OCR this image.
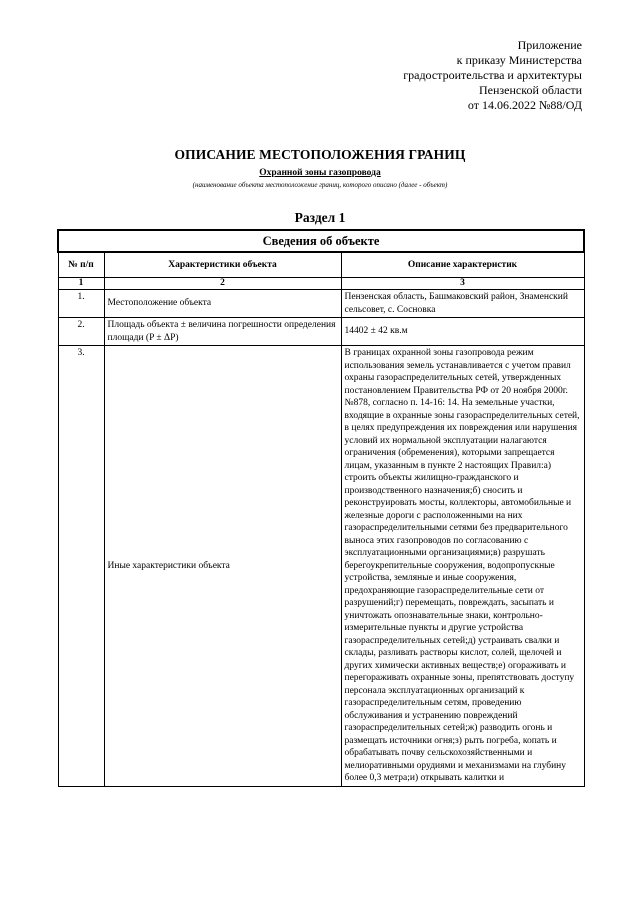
Приложение
к приказу Министерства
градостроительства и архитектуры
Пензенской области
от 14.06.2022 №88/ОД
ОПИСАНИЕ МЕСТОПОЛОЖЕНИЯ ГРАНИЦ
Охранной зоны газопровода
(наименование объекта местоположение границ, которого описано (далее - объект)
Раздел 1
Сведения об объекте		
№ п/п	Характеристики объекта	Описание характеристик
1	2	3
1.	Местоположение объекта	Пензенская область, Башмаковский район, Знаменский сельсовет, с. Сосновка
2.	Площадь объекта ± величина погрешности определения площади (P ± ΔP)	14402 ± 42 кв.м
3.	Иные характеристики объекта	В границах охранной зоны газопровода режим использования земель устанавливается с учетом правил охраны газораспределительных сетей, утвержденных постановлением Правительства РФ от 20 ноября 2000г. №878, согласно п. 14-16: 14. На земельные участки, входящие в охранные зоны газораспределительных сетей, в целях предупреждения их повреждения или нарушения условий их нормальной эксплуатации налагаются ограничения (обременения), которыми запрещается лицам, указанным в пункте 2 настоящих Правил:а) строить объекты жилищно-гражданского и производственного назначения;б) сносить и реконструировать мосты, коллекторы, автомобильные и железные дороги с расположенными на них газораспределительными сетями без предварительного выноса этих газопроводов по согласованию с эксплуатационными организациями;в) разрушать берегоукрепительные сооружения, водопропускные устройства, земляные и иные сооружения, предохраняющие газораспределительные сети от разрушений;г) перемещать, повреждать, засыпать и уничтожать опознавательные знаки, контрольно-измерительные пункты и другие устройства газораспределительных сетей;д) устраивать свалки и склады, разливать растворы кислот, солей, щелочей и других химически активных веществ;е) огораживать и перегораживать охранные зоны, препятствовать доступу персонала эксплуатационных организаций к газораспределительным сетям, проведению обслуживания и устранению повреждений газораспределительных сетей;ж) разводить огонь и размещать источники огня;з) рыть погреба, копать и обрабатывать почву сельскохозяйственными и мелиоративными орудиями и механизмами на глубину более 0,3 метра;и) открывать калитки и
